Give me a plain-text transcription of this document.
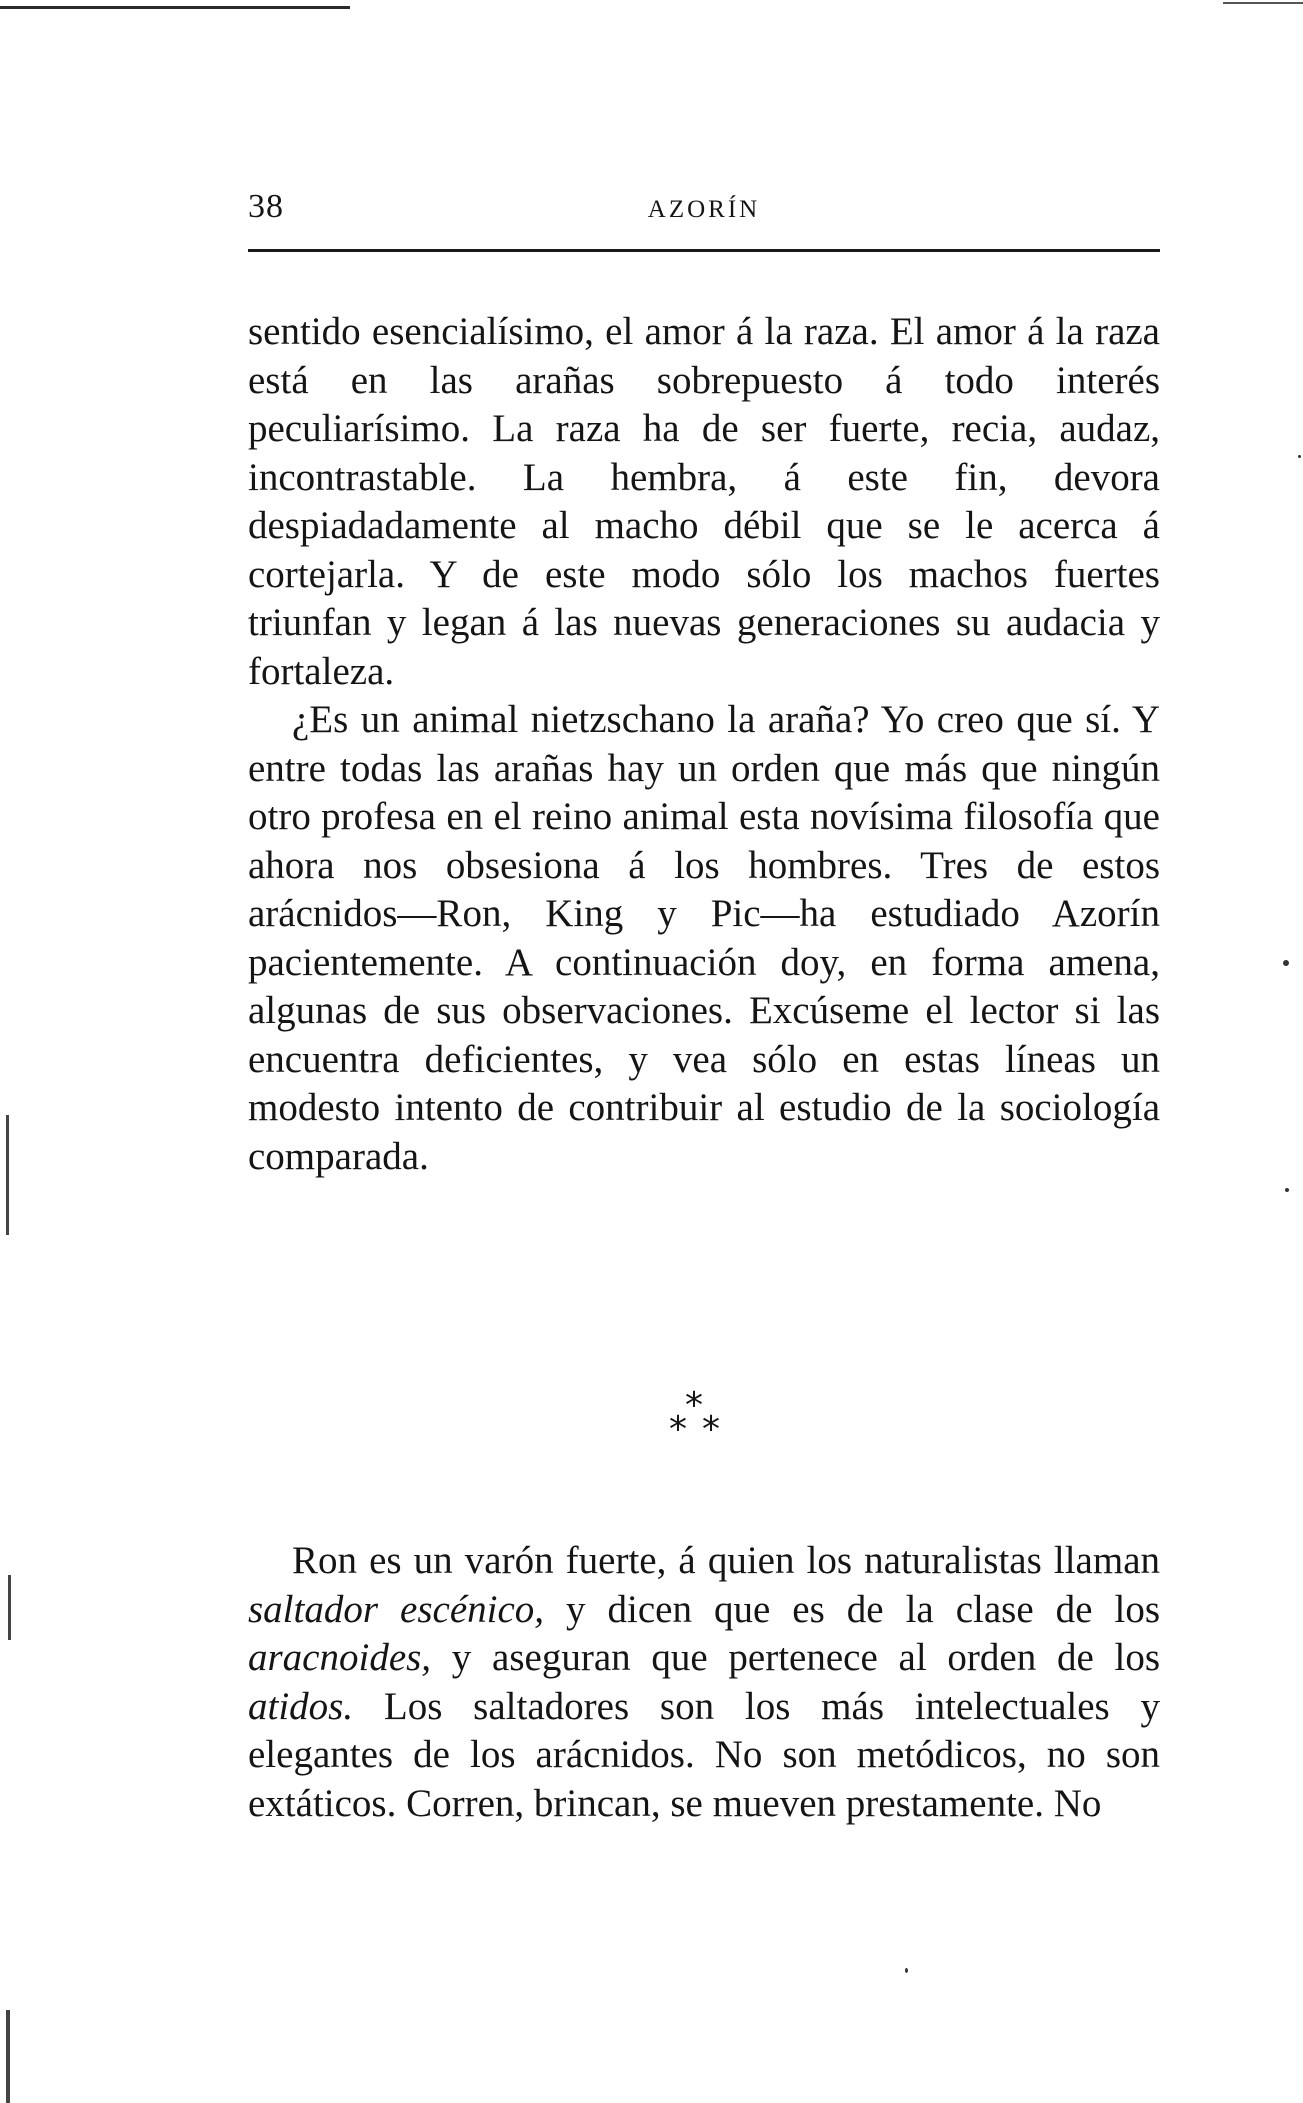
38	AZORÍN

sentido esencialísimo, el amor á la raza. El amor á la raza está en las arañas sobrepuesto á todo interés peculiarísimo. La raza ha de ser fuerte, recia, audaz, incontrastable. La hembra, á este fin, devora despiadadamente al macho débil que se le acerca á cortejarla. Y de este modo sólo los machos fuertes triunfan y legan á las nuevas generaciones su audacia y fortaleza.

¿Es un animal nietzschano la araña? Yo creo que sí. Y entre todas las arañas hay un orden que más que ningún otro profesa en el reino animal esta novísima filosofía que ahora nos obsesiona á los hombres. Tres de estos arácnidos—Ron, King y Pic—ha estudiado Azorín pacientemente. A continuación doy, en forma amena, algunas de sus observaciones. Excúseme el lector si las encuentra deficientes, y vea sólo en estas líneas un modesto intento de contribuir al estudio de la sociología comparada.

*
* *

Ron es un varón fuerte, á quien los naturalistas llaman saltador escénico, y dicen que es de la clase de los aracnoides, y aseguran que pertenece al orden de los atidos. Los saltadores son los más intelectuales y elegantes de los arácnidos. No son metódicos, no son extáticos. Corren, brincan, se mueven prestamente. No
